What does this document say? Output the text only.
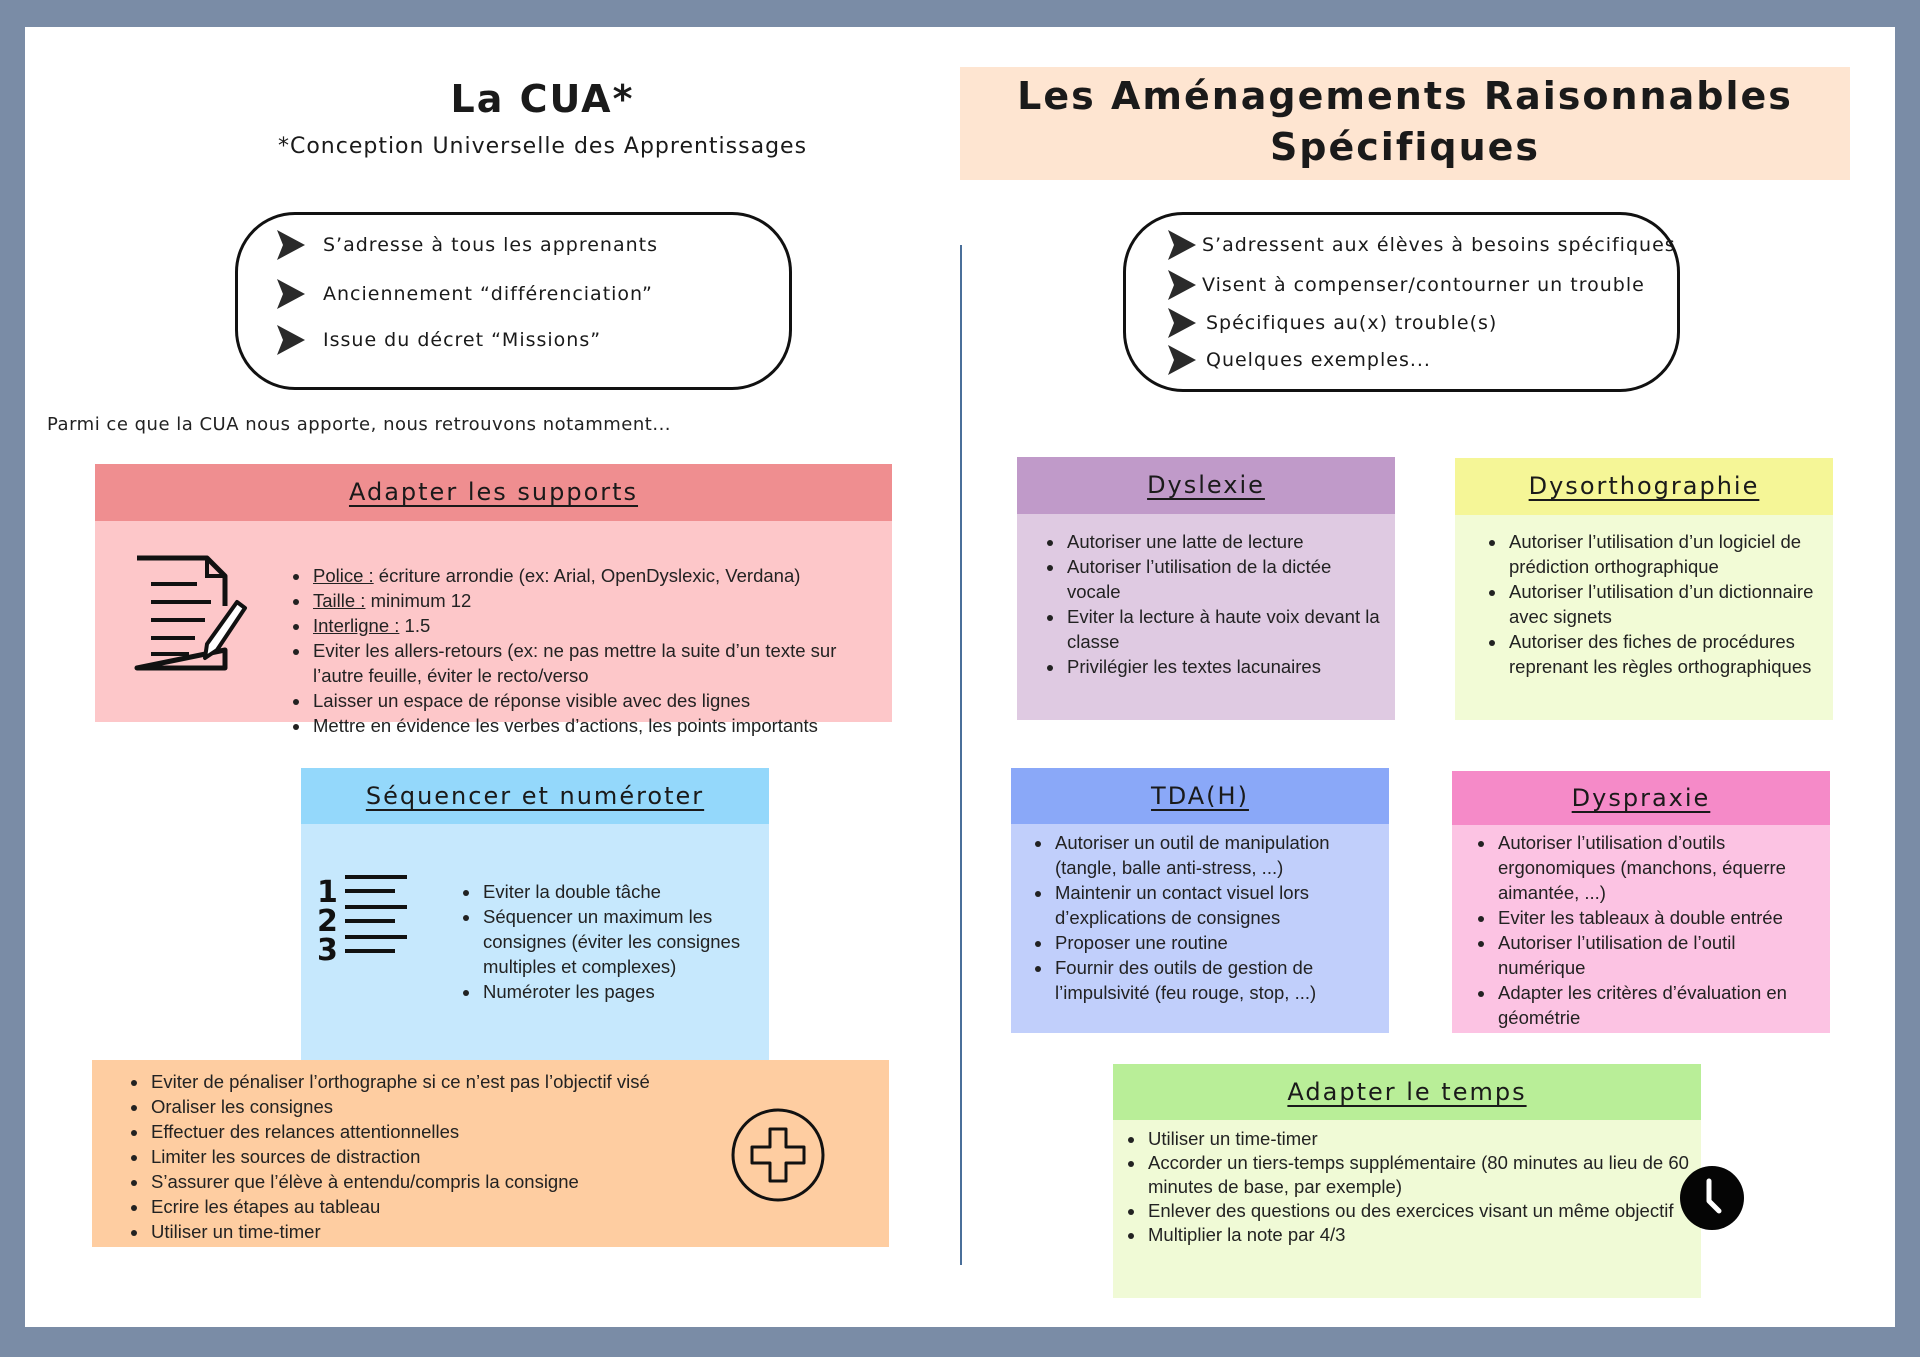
La CUA*
*Conception Universelle des Apprentissages
S’adresse à tous les apprenants
Anciennement “différenciation”
Issue du décret “Missions”
Parmi ce que la CUA nous apporte, nous retrouvons notamment...
Adapter les supports
• Police : écriture arrondie (ex: Arial, OpenDyslexic, Verdana)
• Taille : minimum 12
• Interligne : 1.5
• Eviter les allers-retours (ex: ne pas mettre la suite d’un texte sur l’autre feuille, éviter le recto/verso
• Laisser un espace de réponse visible avec des lignes
• Mettre en évidence les verbes d’actions, les points importants
Séquencer et numéroter
1
2
3
• Eviter la double tâche
• Séquencer un maximum les consignes (éviter les consignes multiples et complexes)
• Numéroter les pages
• Eviter de pénaliser l’orthographe si ce n’est pas l’objectif visé
• Oraliser les consignes
• Effectuer des relances attentionnelles
• Limiter les sources de distraction
• S’assurer que l’élève à entendu/compris la consigne
• Ecrire les étapes au tableau
• Utiliser un time-timer
Les Aménagements Raisonnables
Spécifiques
S’adressent aux élèves à besoins spécifiques
Visent à compenser/contourner un trouble
Spécifiques au(x) trouble(s)
Quelques exemples...
Dyslexie
• Autoriser une latte de lecture
• Autoriser l’utilisation de la dictée vocale
• Eviter la lecture à haute voix devant la classe
• Privilégier les textes lacunaires
Dysorthographie
• Autoriser l’utilisation d’un logiciel de prédiction orthographique
• Autoriser l’utilisation d’un dictionnaire avec signets
• Autoriser des fiches de procédures reprenant les règles orthographiques
TDA(H)
• Autoriser un outil de manipulation (tangle, balle anti-stress, ...)
• Maintenir un contact visuel lors d’explications de consignes
• Proposer une routine
• Fournir des outils de gestion de l’impulsivité (feu rouge, stop, ...)
Dyspraxie
• Autoriser l’utilisation d’outils ergonomiques (manchons, équerre aimantée, ...)
• Eviter les tableaux à double entrée
• Autoriser l’utilisation de l’outil numérique
• Adapter les critères d’évaluation en géométrie
Adapter le temps
• Utiliser un time-timer
• Accorder un tiers-temps supplémentaire (80 minutes au lieu de 60 minutes de base, par exemple)
• Enlever des questions ou des exercices visant un même objectif
• Multiplier la note par 4/3
